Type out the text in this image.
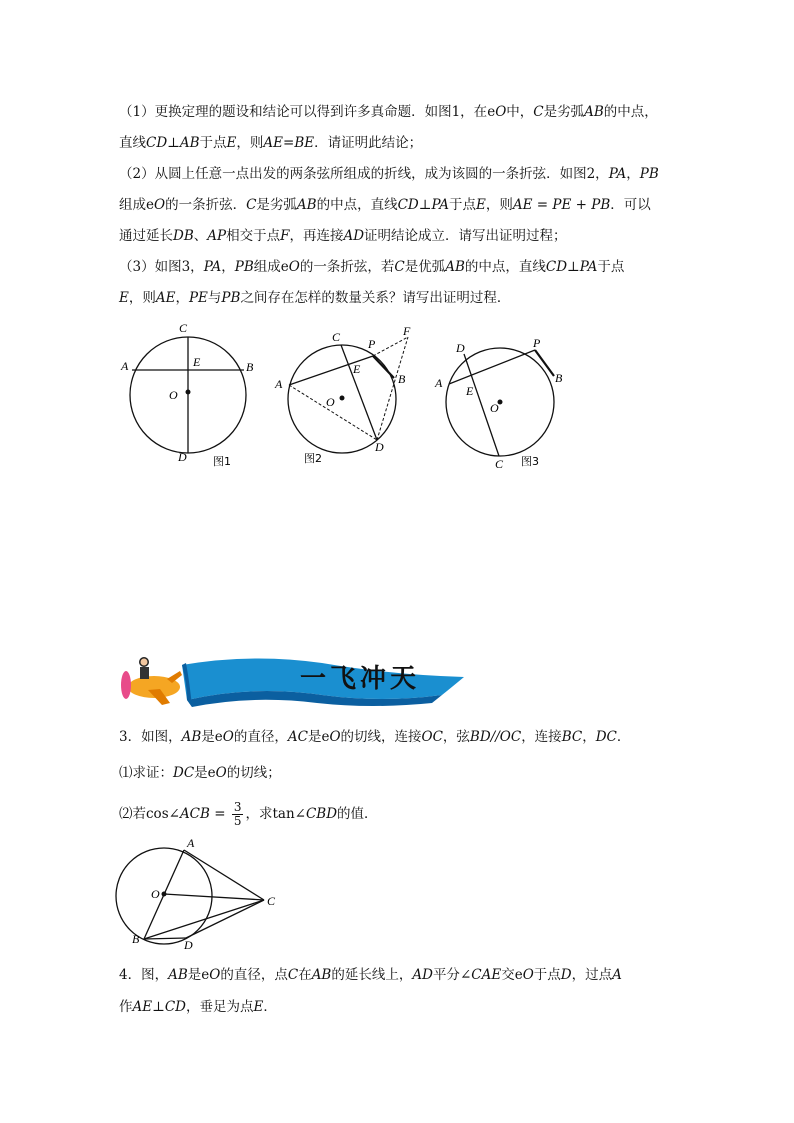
（1）更换定理的题设和结论可以得到许多真命题．如图1，在eO中，C是劣弧AB的中点，
直线CD⊥AB于点E，则AE=BE．请证明此结论；
（2）从圆上任意一点出发的两条弦所组成的折线，成为该圆的一条折弦．如图2，PA，PB
组成eO的一条折弦．C是劣弧AB的中点，直线CD⊥PA于点E，则AE = PE + PB．可以
通过延长DB、AP相交于点F，再连接AD证明结论成立．请写出证明过程；
（3）如图3，PA，PB组成eO的一条折弦，若C是优弧AB的中点，直线CD⊥PA于点
E，则AE，PE与PB之间存在怎样的数量关系？请写出证明过程．
C
A	B
E
O
D 图1
C P
F
A
E
B
O
D
图2
D	P
B
A
E
O
C 图3
一飞冲天
3．如图，AB是eO的直径，AC是eO的切线，连接OC，弦BD//OC，连接BC，DC．
⑴求证：DC是eO的切线；
⑵若cos∠ACB = $\frac{3}{5}$ ，求tan∠CBD的值．
A
O	C
B	D
4．图，AB是eO的直径，点C在AB的延长线上，AD平分∠CAE交eO于点D，过点A
作AE⊥CD，垂足为点E．
